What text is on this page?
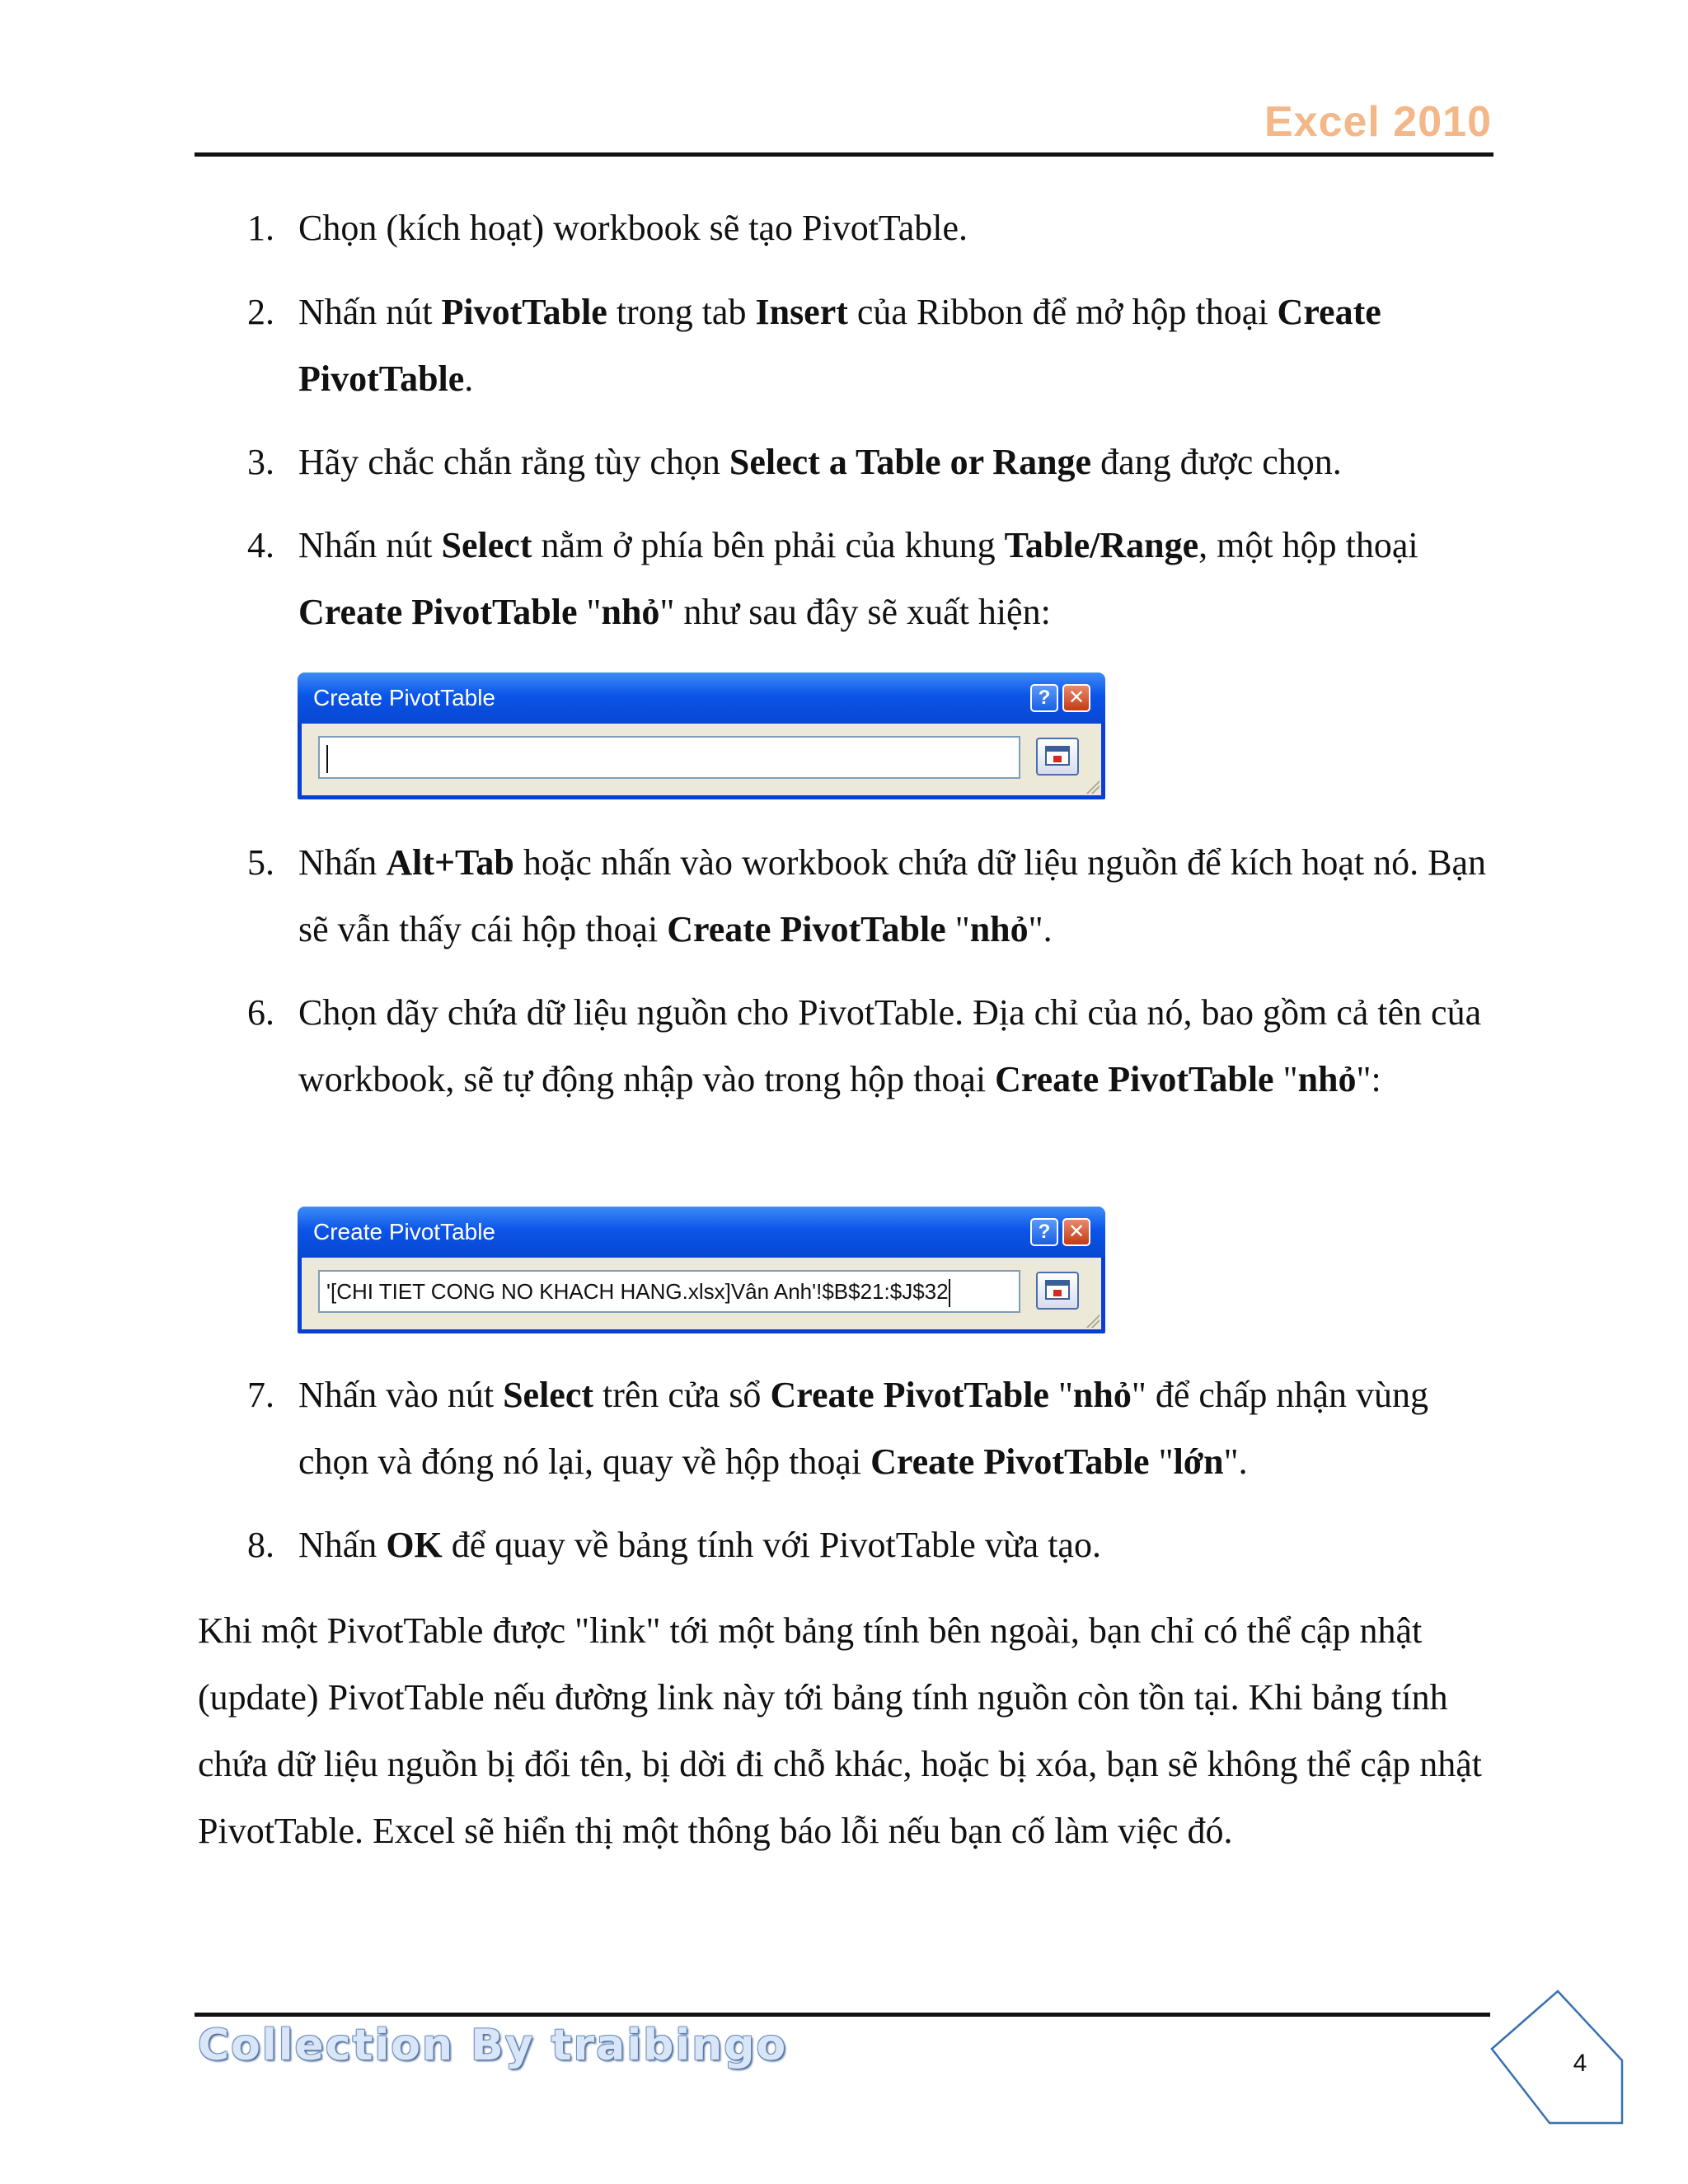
Excel 2010
1. Chọn (kích hoạt) workbook sẽ tạo PivotTable.
2. Nhấn nút PivotTable trong tab Insert của Ribbon để mở hộp thoại Create PivotTable.
3. Hãy chắc chắn rằng tùy chọn Select a Table or Range đang được chọn.
4. Nhấn nút Select nằm ở phía bên phải của khung Table/Range, một hộp thoại Create PivotTable "nhỏ" như sau đây sẽ xuất hiện:
Create PivotTable	? ✕
5. Nhấn Alt+Tab hoặc nhấn vào workbook chứa dữ liệu nguồn để kích hoạt nó. Bạn sẽ vẫn thấy cái hộp thoại Create PivotTable "nhỏ".
6. Chọn dãy chứa dữ liệu nguồn cho PivotTable. Địa chỉ của nó, bao gồm cả tên của workbook, sẽ tự động nhập vào trong hộp thoại Create PivotTable "nhỏ":
Create PivotTable	? ✕
'[CHI TIET CONG NO KHACH HANG.xlsx]Vân Anh'!$B$21:$J$32
7. Nhấn vào nút Select trên cửa sổ Create PivotTable "nhỏ" để chấp nhận vùng chọn và đóng nó lại, quay về hộp thoại Create PivotTable "lớn".
8. Nhấn OK để quay về bảng tính với PivotTable vừa tạo.
Khi một PivotTable được "link" tới một bảng tính bên ngoài, bạn chỉ có thể cập nhật (update) PivotTable nếu đường link này tới bảng tính nguồn còn tồn tại. Khi bảng tính chứa dữ liệu nguồn bị đổi tên, bị dời đi chỗ khác, hoặc bị xóa, bạn sẽ không thể cập nhật PivotTable. Excel sẽ hiển thị một thông báo lỗi nếu bạn cố làm việc đó.
Collection By traibingo	4
